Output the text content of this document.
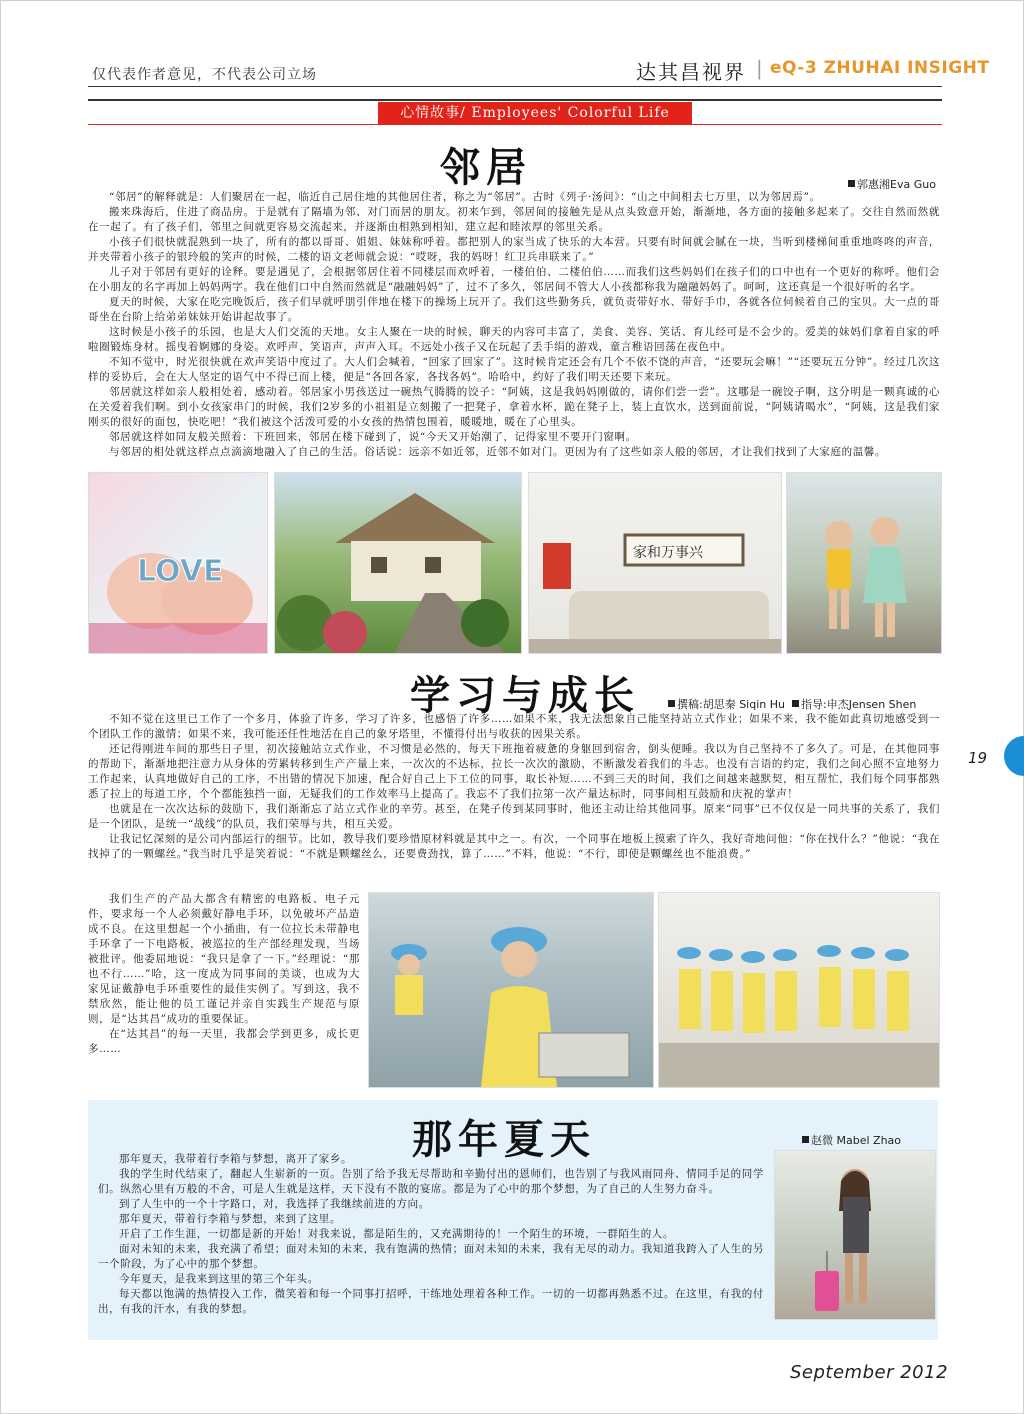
仅代表作者意见，不代表公司立场	达其昌视界 | eQ-3 ZHUHAI INSIGHT
心情故事/ Employees' Colorful Life
邻居	郭惠湘Eva Guo

“邻居”的解释就是：人们聚居在一起，临近自己居住地的其他居住者，称之为“邻居”。古时《列子·汤问》：“山之中间相去七万里，以为邻居焉”。

搬来珠海后，住进了商品房。于是就有了隔墙为邻、对门而居的朋友。初来乍到，邻居间的接触先是从点头致意开始，渐渐地，各方面的接触多起来了。交往自然而然就在一起了。有了孩子们，邻里之间就更容易交流起来，并逐渐由相熟到相知，建立起和睦浓厚的邻里关系。

小孩子们很快就混熟到一块了，所有的都以哥哥、姐姐、妹妹称呼着。都把别人的家当成了快乐的大本营。只要有时间就会腻在一块，当听到楼梯间重重地咚咚的声音，并夹带着小孩子的银玲般的笑声的时候，二楼的语文老师就会说：“哎呀，我的妈呀！红卫兵串联来了。”

儿子对于邻居有更好的诠释。要是遇见了，会根据邻居住着不同楼层而欢呼着，一楼伯伯、二楼伯伯……而我们这些妈妈们在孩子们的口中也有一个更好的称呼。他们会在小朋友的名字再加上妈妈两字。我在他们口中自然而然就是“融融妈妈”了，过不了多久，邻居间不管大人小孩都称我为融融妈妈了。呵呵，这还真是一个很好听的名字。

夏天的时候，大家在吃完晚饭后，孩子们早就呼朋引伴地在楼下的操场上玩开了。我们这些勤务兵，就负责带好水、带好手巾，各就各位伺候着自己的宝贝。大一点的哥哥坐在台阶上给弟弟妹妹开始讲起故事了。

这时候是小孩子的乐园，也是大人们交流的天地。女主人聚在一块的时候，聊天的内容可丰富了，美食、美容、笑话、育儿经可是不会少的。爱美的妹妈们拿着自家的呼啦圈锻炼身材。摇曳着婀娜的身姿。欢呼声、笑语声，声声入耳。不远处小孩子又在玩起了丢手绢的游戏，童言稚语回荡在夜色中。

不知不觉中，时光很快就在欢声笑语中度过了。大人们会喊着，“回家了回家了”。这时候肯定还会有几个不依不饶的声音，“还要玩会嘛！”“还要玩五分钟”。经过几次这样的妥协后，会在大人坚定的语气中不得已而上楼，便是“各回各家，各找各妈”。哈哈中，约好了我们明天还要下来玩。

邻居就这样如亲人般相处着，感动着。邻居家小男孩送过一碗热气腾腾的饺子：“阿姨，这是我妈妈刚做的，请你们尝一尝”。这哪是一碗饺子啊，这分明是一颗真诚的心在关爱着我们啊。到小女孩家串门的时候，我们2岁多的小祖祖是立刻搬了一把凳子，拿着水杯，跪在凳子上，装上直饮水，送到面前说，“阿姨请喝水”，“阿姨，这是我们家刚买的很好的面包，快吃吧！”我们被这个活泼可爱的小女孩的热情包围着，暖暖地，暖在了心里头。

邻居就这样如同友般关照着：下班回来，邻居在楼下碰到了，说“今天又开始潮了，记得家里不要开门窗啊。

与邻居的相处就这样点点滴滴地融入了自己的生活。俗话说：远亲不如近邻，近邻不如对门。更因为有了这些如亲人般的邻居，才让我们找到了大家庭的温馨。

LOVE
家和万事兴
学习与成长	撰稿:胡思秦 Siqin Hu 指导:申杰Jensen Shen

不知不觉在这里已工作了一个多月，体验了许多，学习了许多，也感悟了许多……如果不来，我无法想象自己能坚持站立式作业；如果不来，我不能如此真切地感受到一个团队工作的激情；如果不来，我可能还任性地活在自己的象牙塔里，不懂得付出与收获的因果关系。

还记得刚进车间的那些日子里，初次接触站立式作业，不习惯是必然的，每天下班拖着疲惫的身躯回到宿舍，倒头便睡。我以为自己坚持不了多久了。可是，在其他同事的帮助下，渐渐地把注意力从身体的劳累转移到生产产量上来，一次次的不达标，拉长一次次的激励，不断激发着我们的斗志。也没有言语的约定，我们之间心照不宣地努力工作起来，认真地做好自己的工序，不出错的情况下加速，配合好自己上下工位的同事，取长补短……不到三天的时间，我们之间越来越默契，相互帮忙，我们每个同事都熟悉了拉上的每道工序，个个都能独挡一面，无疑我们的工作效率马上提高了。我忘不了我们拉第一次产量达标时，同事间相互鼓励和庆祝的掌声！

也就是在一次次达标的鼓励下，我们渐渐忘了站立式作业的辛劳。甚至，在凳子传到某同事时，他还主动让给其他同事。原来“同事”已不仅仅是一同共事的关系了，我们是一个团队，是统一“战线”的队员，我们荣辱与共，相互关爱。

让我记忆深刻的是公司内部运行的细节。比如，教导我们要珍惜原材料就是其中之一。有次，一个同事在地板上摸索了许久，我好奇地问他：“你在找什么？”他说：“我在找掉了的一颗螺丝。”我当时几乎是笑着说：“不就是颗螺丝么，还要费劲找，算了……”不料，他说：“不行，即使是颗螺丝也不能浪费。”

我们生产的产品大都含有精密的电路板、电子元件，要求每一个人必须戴好静电手环，以免破坏产品造成不良。在这里想起一个小插曲，有一位拉长未带静电手环拿了一下电路板，被巡拉的生产部经理发现，当场被批评。他委屈地说：“我只是拿了一下。”经理说：“那也不行……”哈，这一度成为同事间的美谈，也成为大家见证戴静电手环重要性的最佳实例了。写到这，我不禁欣然，能让他的员工谨记并亲自实践生产规范与原则，是“达其昌”成功的重要保证。

在“达其昌”的每一天里，我都会学到更多，成长更多……

那年夏天	赵微 Mabel Zhao

那年夏天，我带着行李箱与梦想，离开了家乡。

我的学生时代结束了，翻起人生崭新的一页。告别了给予我无尽帮助和辛勤付出的恩师们，也告别了与我风雨同舟、情同手足的同学们。纵然心里有万般的不舍，可是人生就是这样，天下没有不散的宴席。都是为了心中的那个梦想，为了自己的人生努力奋斗。

到了人生中的一个十字路口，对，我选择了我继续前进的方向。

那年夏天，带着行李箱与梦想，来到了这里。

开启了工作生涯，一切都是新的开始！对我来说，都是陌生的，又充满期待的！一个陌生的环境，一群陌生的人。

面对未知的未来，我充满了希望；面对未知的未来，我有饱满的热情；面对未知的未来，我有无尽的动力。我知道我跨入了人生的另一个阶段，为了心中的那个梦想。

今年夏天，是我来到这里的第三个年头。

每天都以饱满的热情投入工作，微笑着和每一个同事打招呼，干练地处理着各种工作。一切的一切都再熟悉不过。在这里，有我的付出，有我的汗水，有我的梦想。

19
September 2012
